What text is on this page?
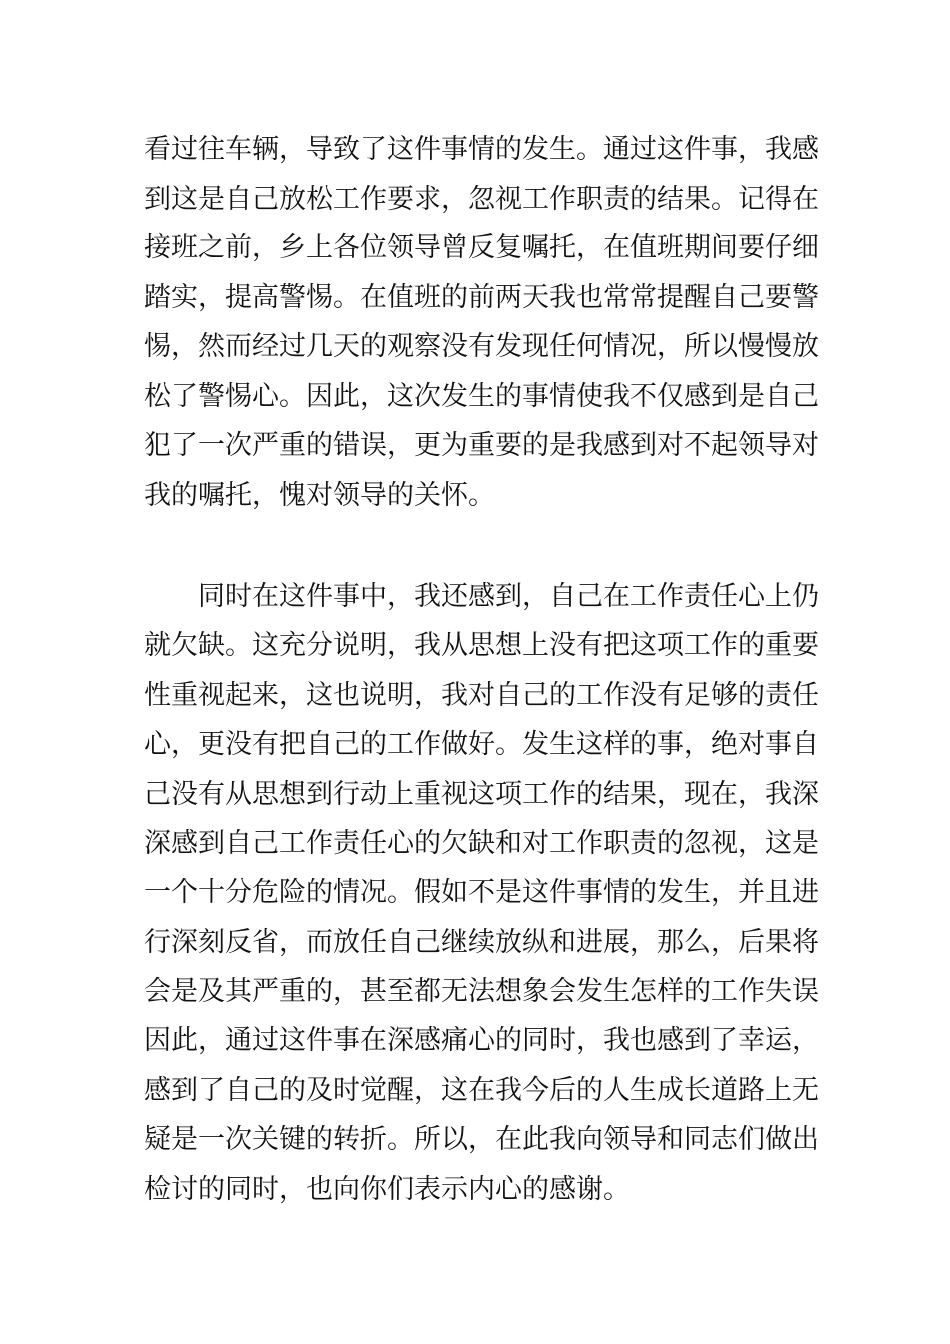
看过往车辆，导致了这件事情的发生。通过这件事，我感
到这是自己放松工作要求，忽视工作职责的结果。记得在
接班之前，乡上各位领导曾反复嘱托，在值班期间要仔细
踏实，提高警惕。在值班的前两天我也常常提醒自己要警
惕，然而经过几天的观察没有发现任何情况，所以慢慢放
松了警惕心。因此，这次发生的事情使我不仅感到是自己
犯了一次严重的错误，更为重要的是我感到对不起领导对
我的嘱托，愧对领导的关怀。
同时在这件事中，我还感到，自己在工作责任心上仍
就欠缺。这充分说明，我从思想上没有把这项工作的重要
性重视起来，这也说明，我对自己的工作没有足够的责任
心，更没有把自己的工作做好。发生这样的事，绝对事自
己没有从思想到行动上重视这项工作的结果，现在，我深
深感到自己工作责任心的欠缺和对工作职责的忽视，这是
一个十分危险的情况。假如不是这件事情的发生，并且进
行深刻反省，而放任自己继续放纵和进展，那么，后果将
会是及其严重的，甚至都无法想象会发生怎样的工作失误
因此，通过这件事在深感痛心的同时，我也感到了幸运，
感到了自己的及时觉醒，这在我今后的人生成长道路上无
疑是一次关键的转折。所以，在此我向领导和同志们做出
检讨的同时，也向你们表示内心的感谢。
